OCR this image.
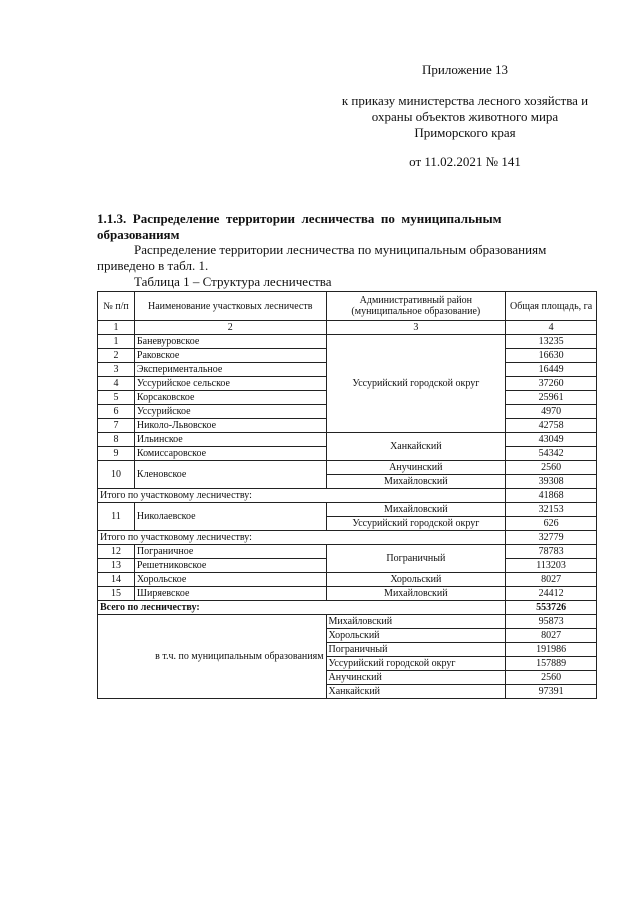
Приложение 13
к приказу министерства лесного хозяйства и
охраны объектов животного мира
Приморского края
от 11.02.2021 № 141
1.1.3.  Распределение  территории  лесничества  по  муниципальным
образованиям
Распределение территории лесничества по муниципальным образованиям
приведено в табл. 1.
Таблица 1 – Структура лесничества
№ п/п	Наименование участковых лесничеств	Административный район (муниципальное образование)	Общая площадь, га
1	2	3	4
1	Баневуровское	Уссурийский городской округ	13235
2	Раковское		16630
3	Экспериментальное		16449
4	Уссурийское сельское		37260
5	Корсаковское		25961
6	Уссурийское		4970
7	Николо-Львовское		42758
8	Ильинское	Ханкайский	43049
9	Комиссаровское		54342
10	Кленовское	Анучинский	2560
		Михайловский	39308
Итого по участковому лесничеству:			41868
11	Николаевское	Михайловский	32153
		Уссурийский городской округ	626
Итого по участковому лесничеству:			32779
12	Пограничное	Пограничный	78783
13	Решетниковское		113203
14	Хорольское	Хорольский	8027
15	Ширяевское	Михайловский	24412
Всего по лесничеству:			553726
в т.ч. по муниципальным образованиям		Михайловский	95873
		Хорольский	8027
		Пограничный	191986
		Уссурийский городской округ	157889
		Анучинский	2560
		Ханкайский	97391
